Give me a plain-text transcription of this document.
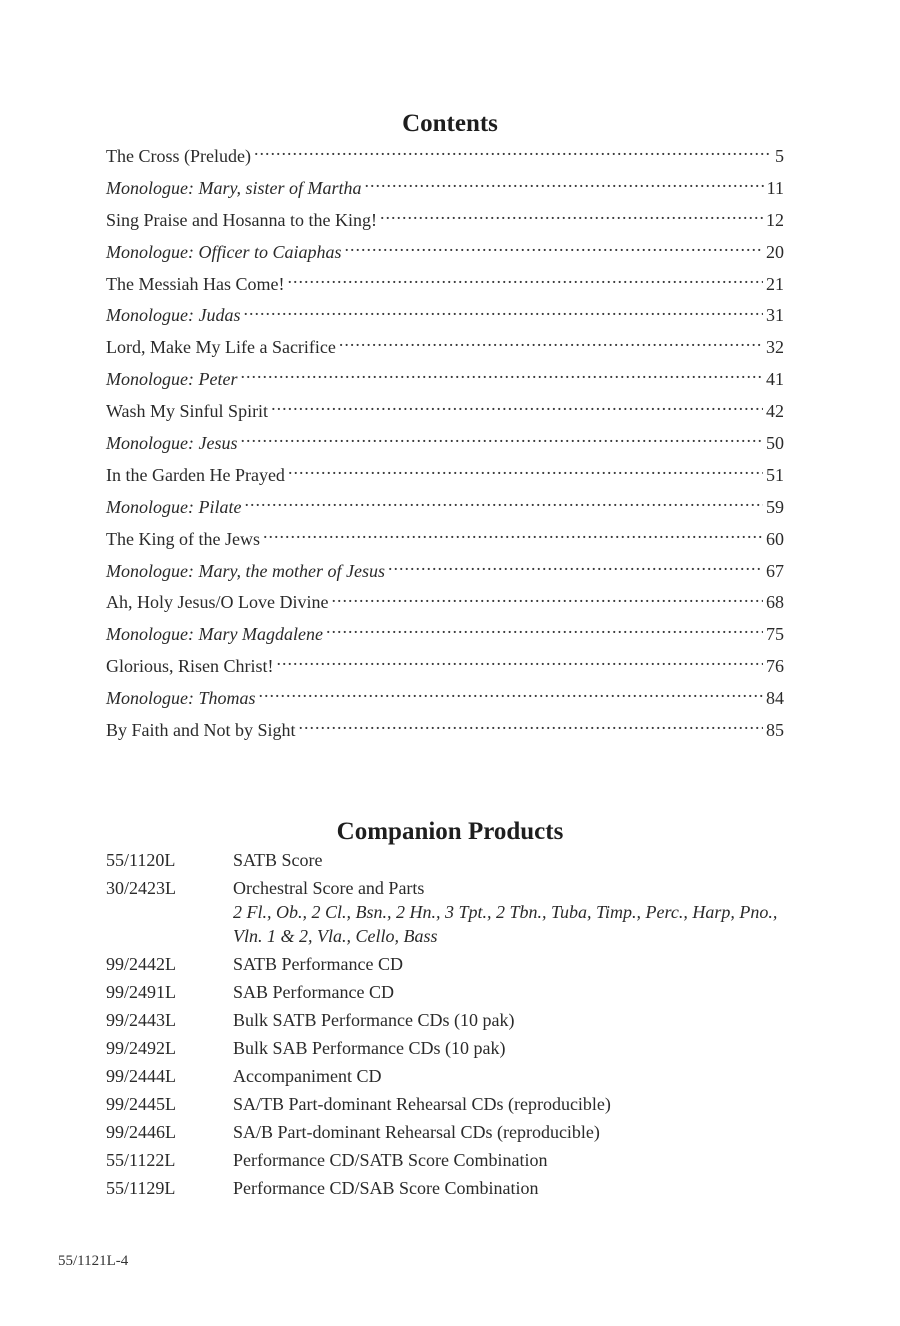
Contents
The Cross (Prelude) .....	5
Monologue: Mary, sister of Martha .....	11
Sing Praise and Hosanna to the King! .....	12
Monologue: Officer to Caiaphas .....	20
The Messiah Has Come! .....	21
Monologue: Judas .....	31
Lord, Make My Life a Sacrifice .....	32
Monologue: Peter .....	41
Wash My Sinful Spirit .....	42
Monologue: Jesus .....	50
In the Garden He Prayed .....	51
Monologue: Pilate .....	59
The King of the Jews .....	60
Monologue: Mary, the mother of Jesus .....	67
Ah, Holy Jesus/O Love Divine .....	68
Monologue: Mary Magdalene .....	75
Glorious, Risen Christ! .....	76
Monologue: Thomas .....	84
By Faith and Not by Sight .....	85
Companion Products
55/1120L	SATB Score
30/2423L	Orchestral Score and Parts
2 Fl., Ob., 2 Cl., Bsn., 2 Hn., 3 Tpt., 2 Tbn., Tuba, Timp., Perc., Harp, Pno., Vln. 1 & 2, Vla., Cello, Bass
99/2442L	SATB Performance CD
99/2491L	SAB Performance CD
99/2443L	Bulk SATB Performance CDs (10 pak)
99/2492L	Bulk SAB Performance CDs (10 pak)
99/2444L	Accompaniment CD
99/2445L	SA/TB Part-dominant Rehearsal CDs (reproducible)
99/2446L	SA/B Part-dominant Rehearsal CDs (reproducible)
55/1122L	Performance CD/SATB Score Combination
55/1129L	Performance CD/SAB Score Combination
55/1121L-4
